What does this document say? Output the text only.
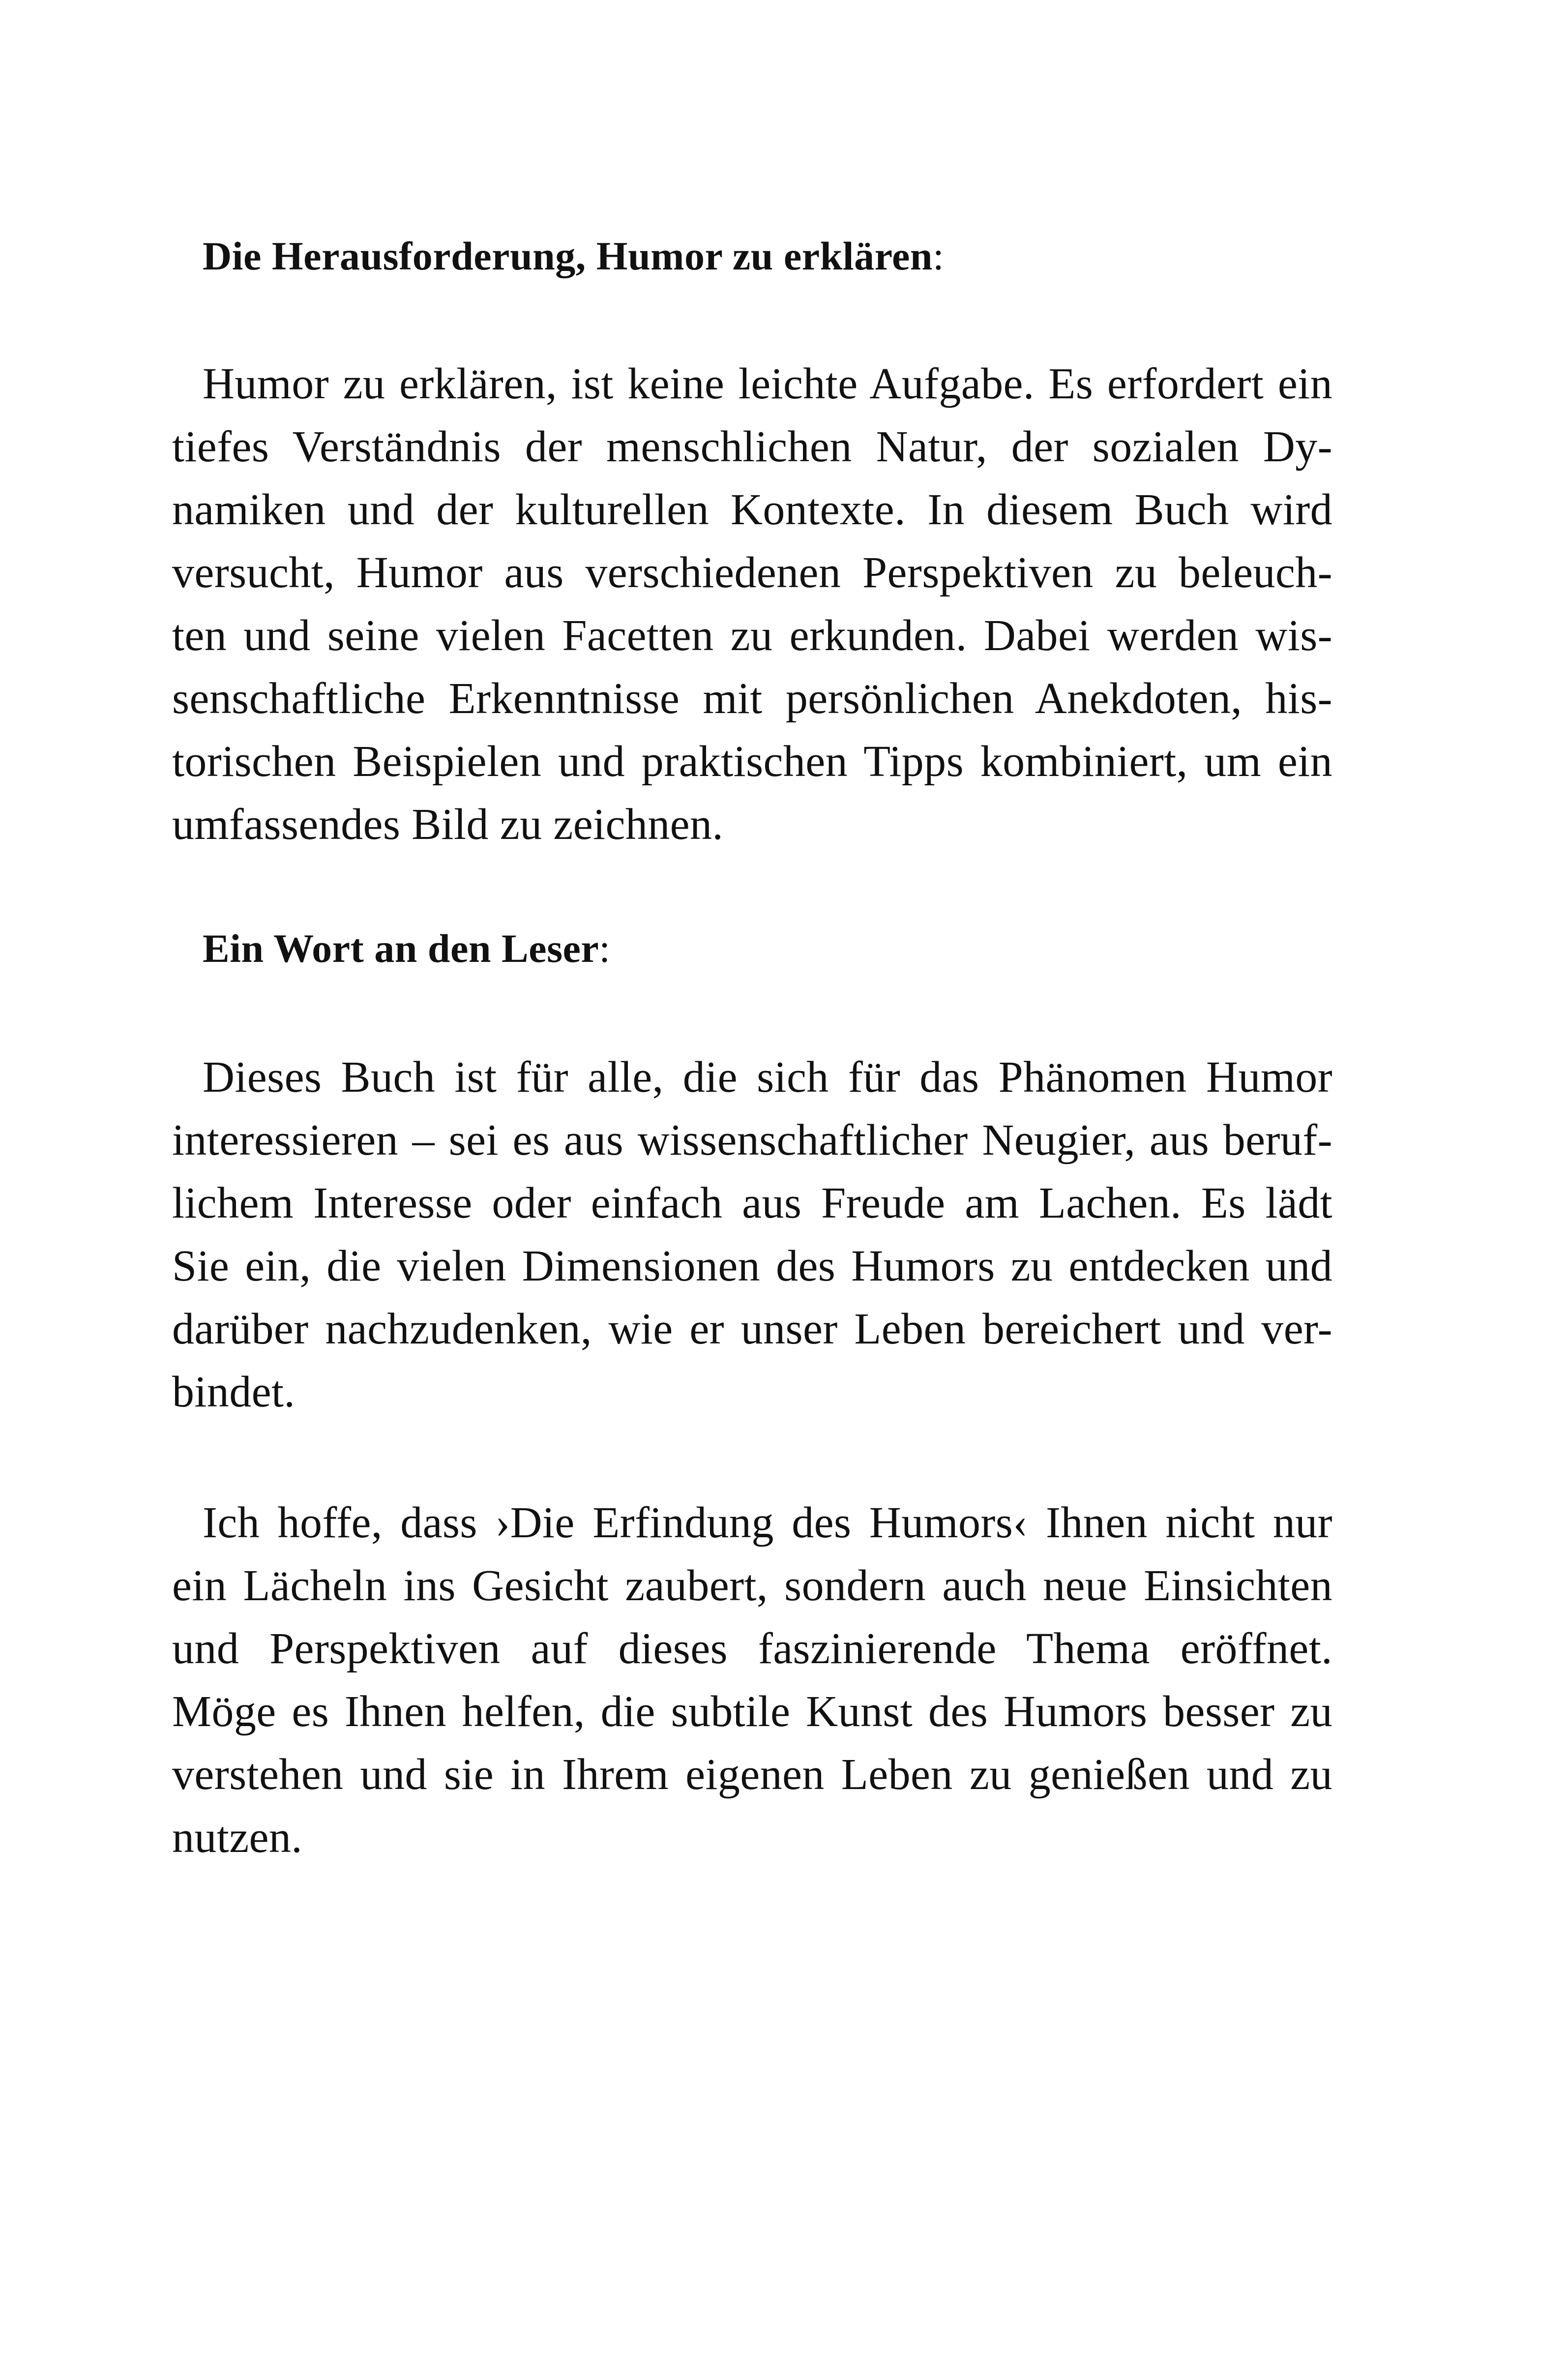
Die Herausforderung, Humor zu erklären:

Humor zu erklären, ist keine leichte Aufgabe. Es erfordert ein
tiefes Verständnis der menschlichen Natur, der sozialen Dy-
namiken und der kulturellen Kontexte. In diesem Buch wird
versucht, Humor aus verschiedenen Perspektiven zu beleuch-
ten und seine vielen Facetten zu erkunden. Dabei werden wis-
senschaftliche Erkenntnisse mit persönlichen Anekdoten, his-
torischen Beispielen und praktischen Tipps kombiniert, um ein
umfassendes Bild zu zeichnen.

Ein Wort an den Leser:

Dieses Buch ist für alle, die sich für das Phänomen Humor
interessieren – sei es aus wissenschaftlicher Neugier, aus beruf-
lichem Interesse oder einfach aus Freude am Lachen. Es lädt
Sie ein, die vielen Dimensionen des Humors zu entdecken und
darüber nachzudenken, wie er unser Leben bereichert und ver-
bindet.

Ich hoffe, dass ›Die Erfindung des Humors‹ Ihnen nicht nur
ein Lächeln ins Gesicht zaubert, sondern auch neue Einsichten
und Perspektiven auf dieses faszinierende Thema eröffnet.
Möge es Ihnen helfen, die subtile Kunst des Humors besser zu
verstehen und sie in Ihrem eigenen Leben zu genießen und zu
nutzen.
